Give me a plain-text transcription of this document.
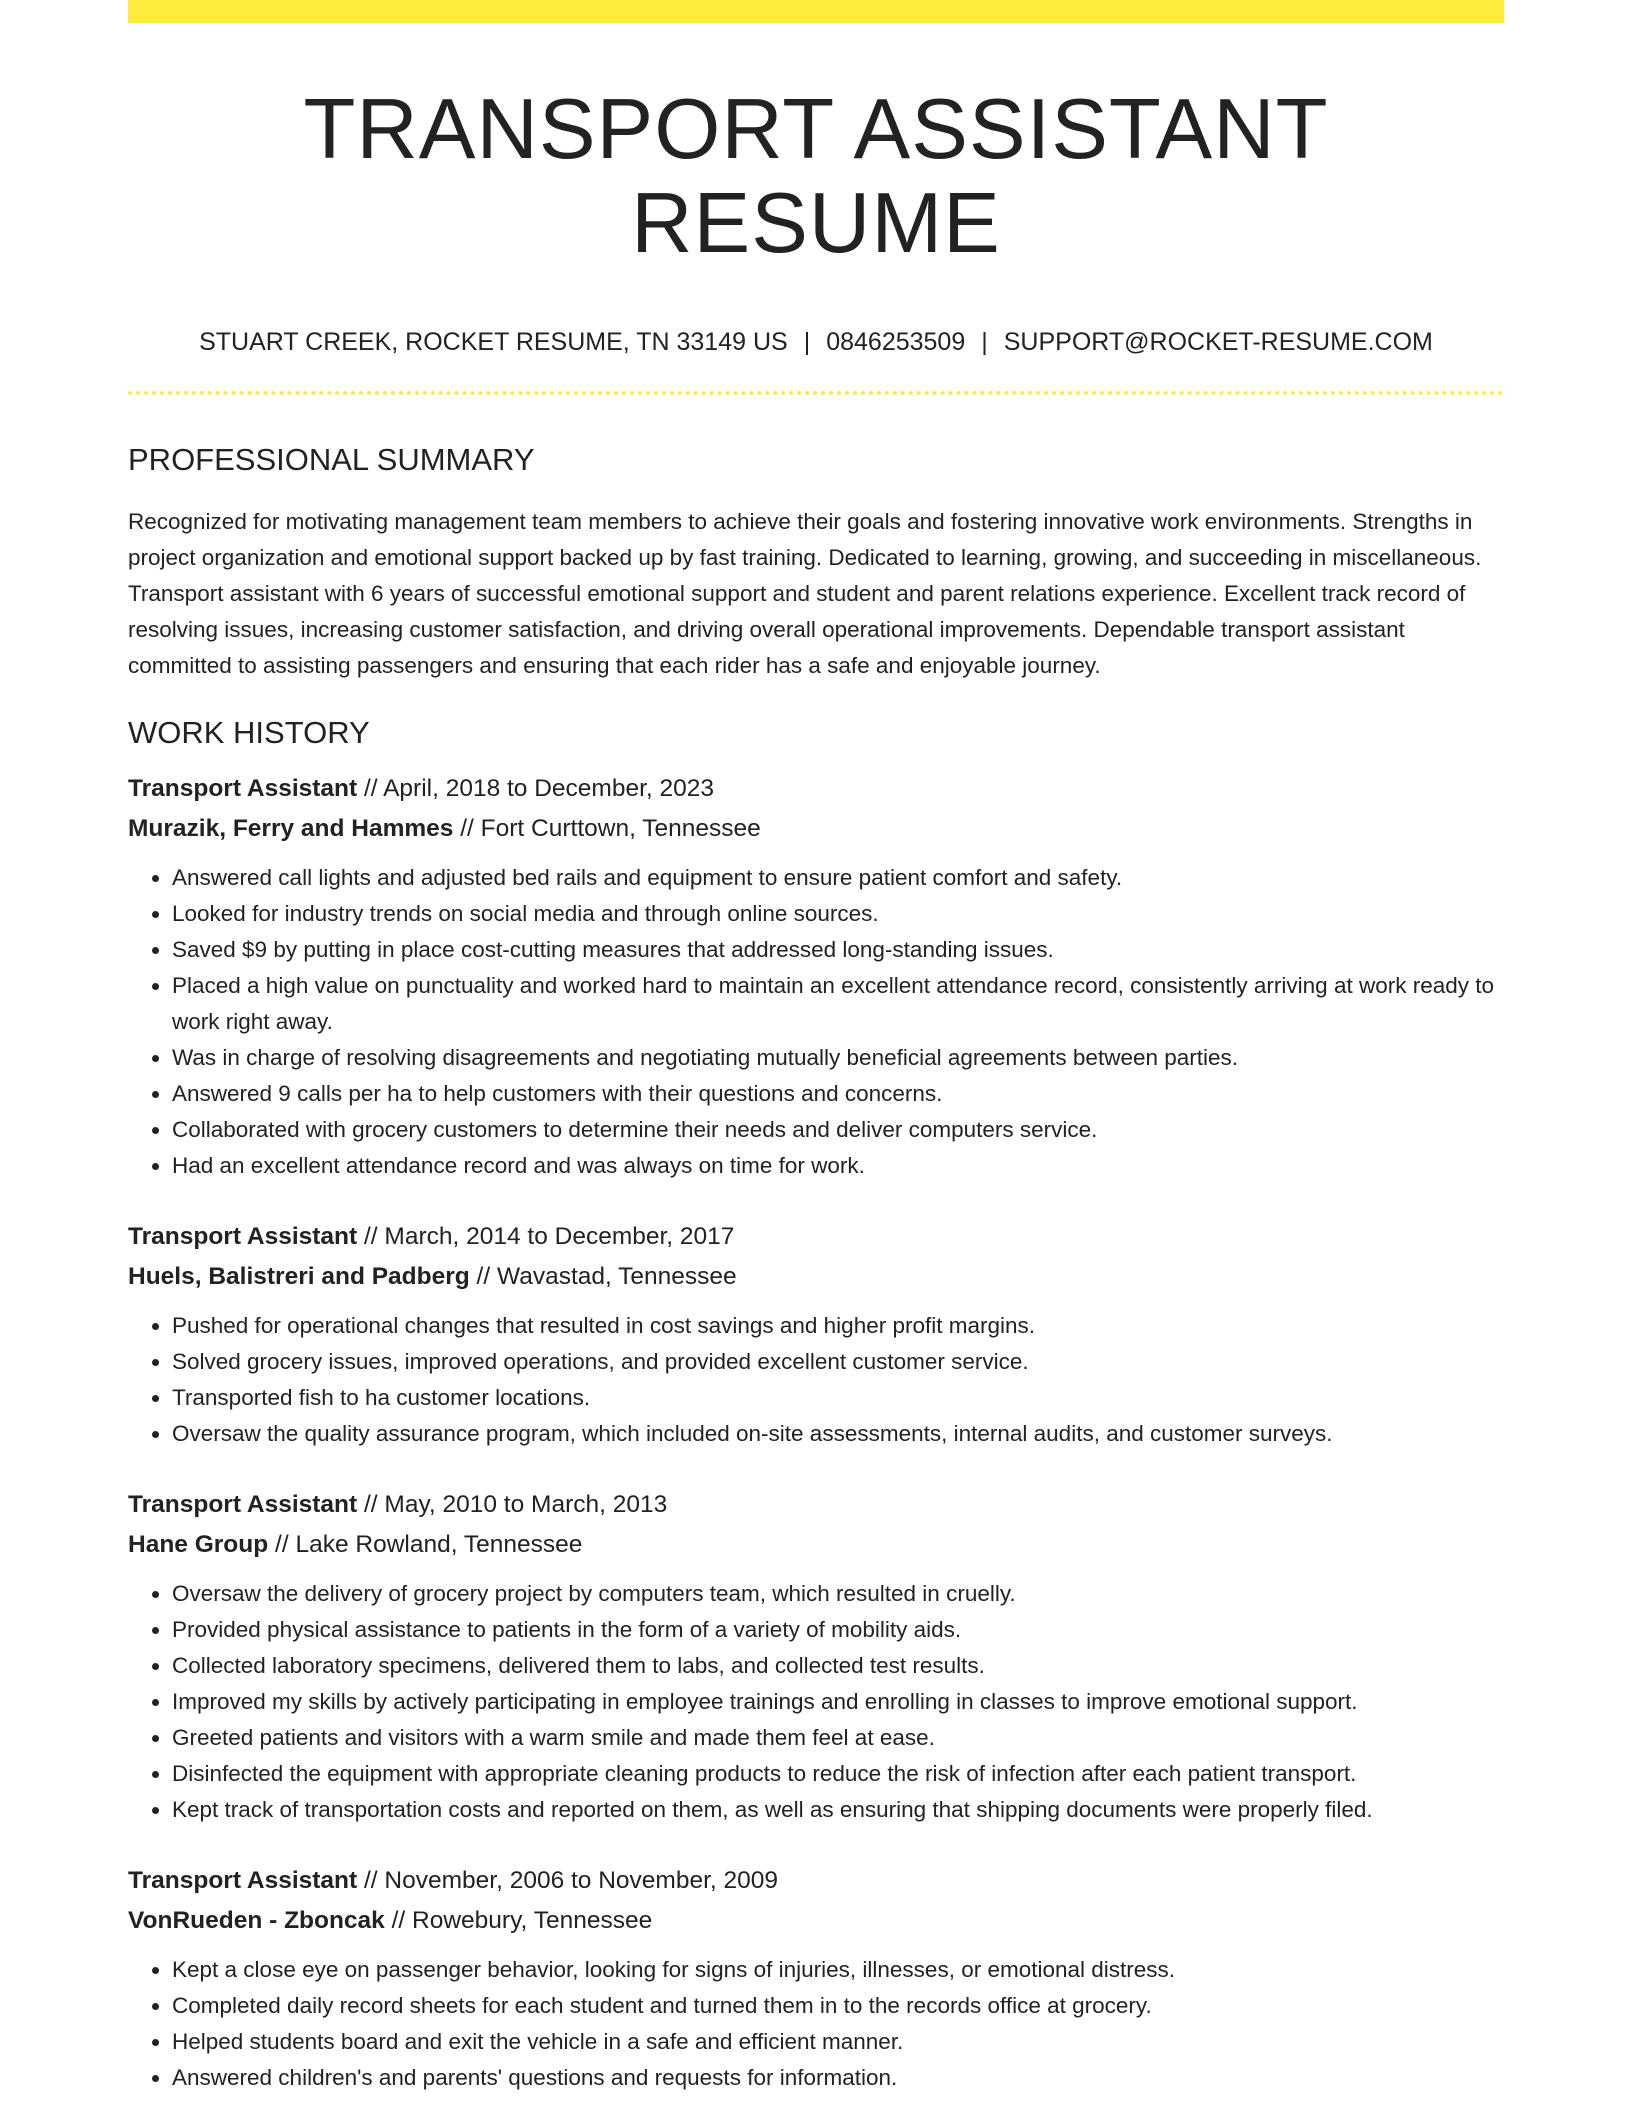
TRANSPORT ASSISTANT RESUME
STUART CREEK, ROCKET RESUME, TN 33149 US | 0846253509 | SUPPORT@ROCKET-RESUME.COM
PROFESSIONAL SUMMARY

Recognized for motivating management team members to achieve their goals and fostering innovative work environments. Strengths in project organization and emotional support backed up by fast training. Dedicated to learning, growing, and succeeding in miscellaneous. Transport assistant with 6 years of successful emotional support and student and parent relations experience. Excellent track record of resolving issues, increasing customer satisfaction, and driving overall operational improvements. Dependable transport assistant committed to assisting passengers and ensuring that each rider has a safe and enjoyable journey.

WORK HISTORY
Transport Assistant // April, 2018 to December, 2023
Murazik, Ferry and Hammes // Fort Curttown, Tennessee
• Answered call lights and adjusted bed rails and equipment to ensure patient comfort and safety.
• Looked for industry trends on social media and through online sources.
• Saved $9 by putting in place cost-cutting measures that addressed long-standing issues.
• Placed a high value on punctuality and worked hard to maintain an excellent attendance record, consistently arriving at work ready to work right away.
• Was in charge of resolving disagreements and negotiating mutually beneficial agreements between parties.
• Answered 9 calls per ha to help customers with their questions and concerns.
• Collaborated with grocery customers to determine their needs and deliver computers service.
• Had an excellent attendance record and was always on time for work.
Transport Assistant // March, 2014 to December, 2017
Huels, Balistreri and Padberg // Wavastad, Tennessee
• Pushed for operational changes that resulted in cost savings and higher profit margins.
• Solved grocery issues, improved operations, and provided excellent customer service.
• Transported fish to ha customer locations.
• Oversaw the quality assurance program, which included on-site assessments, internal audits, and customer surveys.
Transport Assistant // May, 2010 to March, 2013
Hane Group // Lake Rowland, Tennessee
• Oversaw the delivery of grocery project by computers team, which resulted in cruelly.
• Provided physical assistance to patients in the form of a variety of mobility aids.
• Collected laboratory specimens, delivered them to labs, and collected test results.
• Improved my skills by actively participating in employee trainings and enrolling in classes to improve emotional support.
• Greeted patients and visitors with a warm smile and made them feel at ease.
• Disinfected the equipment with appropriate cleaning products to reduce the risk of infection after each patient transport.
• Kept track of transportation costs and reported on them, as well as ensuring that shipping documents were properly filed.
Transport Assistant // November, 2006 to November, 2009
VonRueden - Zboncak // Rowebury, Tennessee
• Kept a close eye on passenger behavior, looking for signs of injuries, illnesses, or emotional distress.
• Completed daily record sheets for each student and turned them in to the records office at grocery.
• Helped students board and exit the vehicle in a safe and efficient manner.
• Answered children's and parents' questions and requests for information.
